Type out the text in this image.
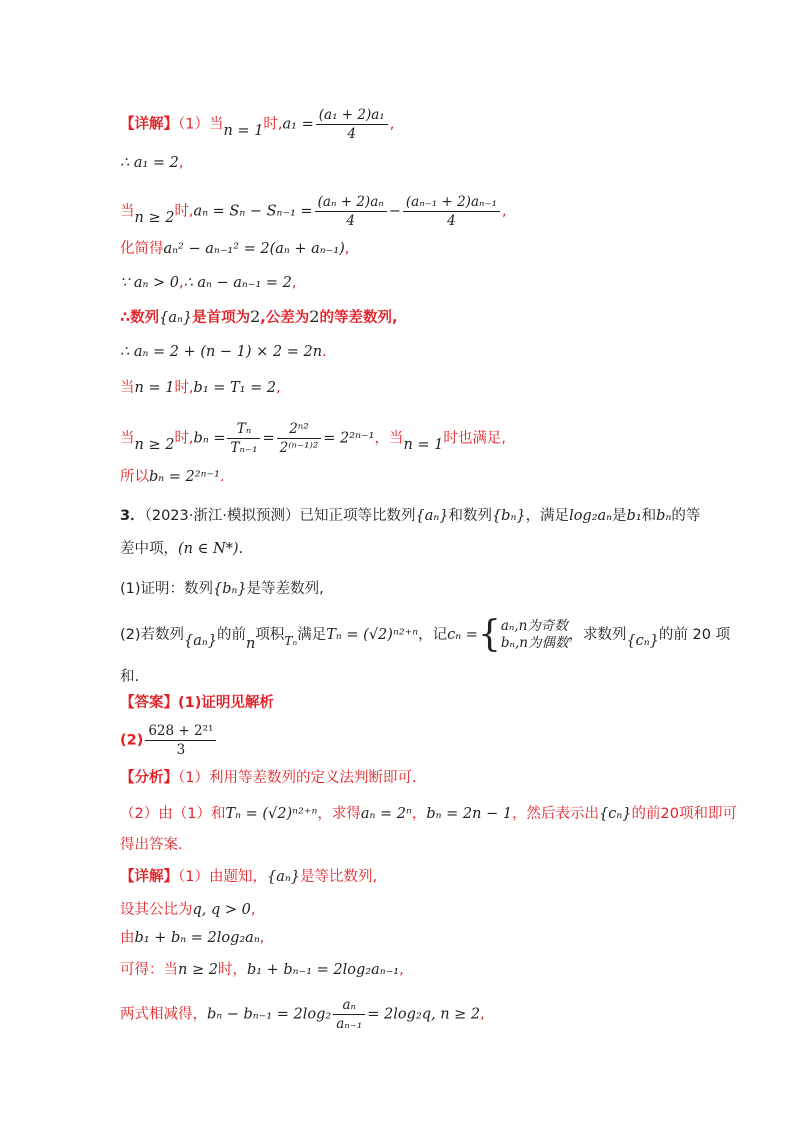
【详解】（1）当n = 1时$,a_1 = \frac{\text{(a₁ + 2)a₁}}{4}$ ,
∴ a₁ = 2,
当n ≥ 2时$,a_n = S_n - S_{n-1} = \frac{\text{(aₙ + 2)aₙ}}{4} - \frac{\text{(aₙ₋₁ + 2)aₙ₋₁}}{4}$ ,
化简得aₙ² − aₙ₋₁² = 2(aₙ + aₙ₋₁),
∵ aₙ > 0,∴ aₙ − aₙ₋₁ = 2,
∴数列{aₙ}是首项为2,公差为2的等差数列,
∴ aₙ = 2 + (n − 1) × 2 = 2n.
当n = 1时,b₁ = T₁ = 2,
当n ≥ 2时$,b_n = \frac{\text{Tₙ}}{\text{Tₙ₋₁}} = \frac{\text{2ⁿ²}}{\text{2⁽ⁿ⁻¹⁾²}} = 2^{2n-1}$，当n = 1时也满足,
所以bₙ = 2²ⁿ⁻¹.
3．（2023·浙江·模拟预测）已知正项等比数列{aₙ}和数列{bₙ}，满足log₂aₙ是b₁和bₙ的等
差中项，(n ∈ N*).
(1)证明：数列{bₙ}是等差数列,
(2)若数列{aₙ}的前n项积$_{T_n}$满足Tₙ = (√2)ⁿ²⁺ⁿ，记cₙ ={ aₙ,n为奇数
bₙ,n为偶数 ，求数列{cₙ}的前 20 项
和.
【答案】(1)证明见解析
$(2) \frac{\text{628 + 2²¹}}{3}$
【分析】（1）利用等差数列的定义法判断即可.
（2）由（1）和Tₙ = (√2)ⁿ²⁺ⁿ，求得aₙ = 2ⁿ，bₙ = 2n − 1，然后表示出{cₙ}的前20项和即可
得出答案.
【详解】（1）由题知，{aₙ}是等比数列,
设其公比为q, q > 0,
由b₁ + bₙ = 2log₂aₙ,
可得：当n ≥ 2时，b₁ + bₙ₋₁ = 2log₂aₙ₋₁,
两式相减得，$b_n - b_{n-1} = 2\log_2 \frac{\text{aₙ}}{\text{aₙ₋₁}} = 2\log_2q$, n ≥ 2,
